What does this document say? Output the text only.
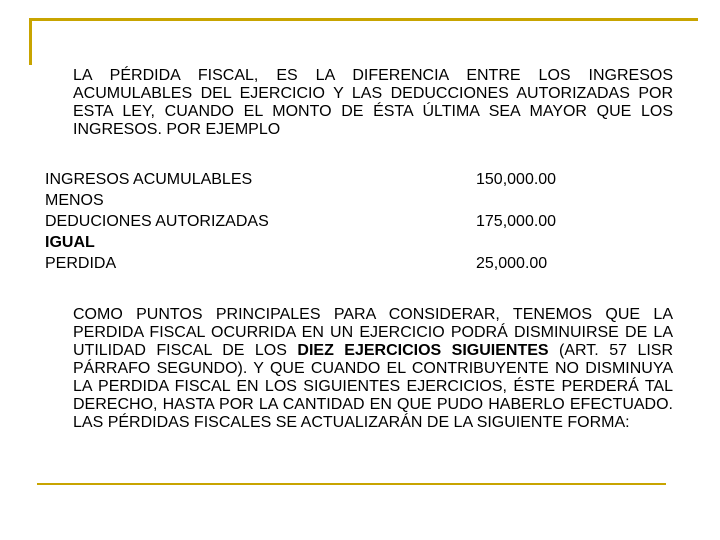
LA PÉRDIDA FISCAL, ES LA DIFERENCIA ENTRE LOS INGRESOS ACUMULABLES DEL EJERCICIO Y LAS DEDUCCIONES AUTORIZADAS POR ESTA LEY, CUANDO EL MONTO DE ÉSTA ÚLTIMA SEA MAYOR QUE LOS INGRESOS. POR EJEMPLO

INGRESOS ACUMULABLES	150,000.00
MENOS
DEDUCIONES AUTORIZADAS	175,000.00
IGUAL
PERDIDA	25,000.00

COMO PUNTOS PRINCIPALES PARA CONSIDERAR, TENEMOS QUE LA PERDIDA FISCAL OCURRIDA EN UN EJERCICIO PODRÁ DISMINUIRSE DE LA UTILIDAD FISCAL DE LOS DIEZ EJERCICIOS SIGUIENTES (ART. 57 LISR PÁRRAFO SEGUNDO). Y QUE CUANDO EL CONTRIBUYENTE NO DISMINUYA LA PERDIDA FISCAL EN LOS SIGUIENTES EJERCICIOS, ÉSTE PERDERÁ TAL DERECHO, HASTA POR LA CANTIDAD EN QUE PUDO HABERLO EFECTUADO. LAS PÉRDIDAS FISCALES SE ACTUALIZARÁN DE LA SIGUIENTE FORMA:
